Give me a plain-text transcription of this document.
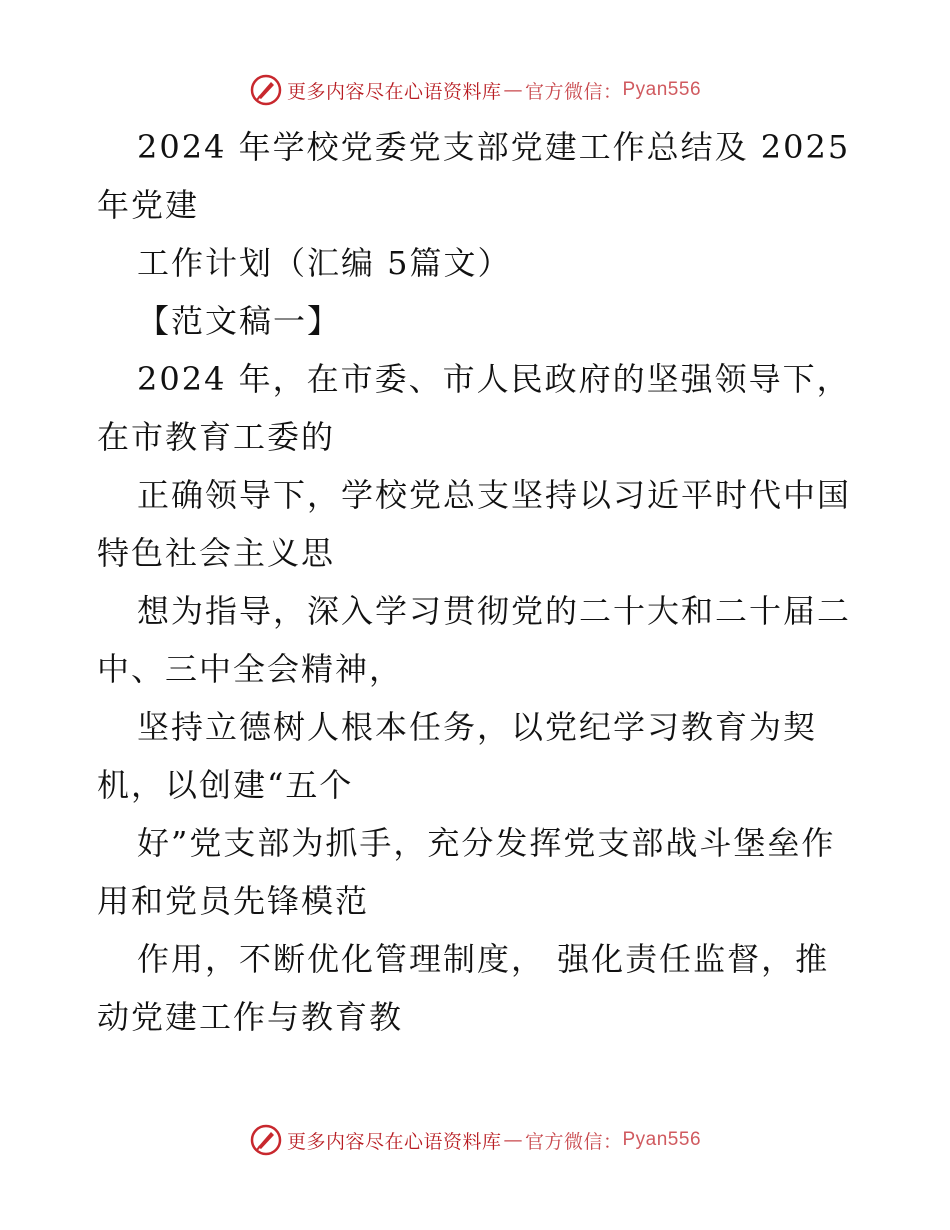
更多内容尽在心语资料库 — 官方微信： Pyan556
2024 年学校党委党支部党建工作总结及 2025
年党建
工作计划（汇编 5篇文）
【范文稿一】
2024 年，在市委、市人民政府的坚强领导下，
在市教育工委的
正确领导下，学校党总支坚持以习近平时代中国
特色社会主义思
想为指导，深入学习贯彻党的二十大和二十届二
中、三中全会精神，
坚持立德树人根本任务，以党纪学习教育为契
机，以创建“五个
好”党支部为抓手，充分发挥党支部战斗堡垒作
用和党员先锋模范
作用，不断优化管理制度， 强化责任监督，推
动党建工作与教育教
更多内容尽在心语资料库 — 官方微信： Pyan556
